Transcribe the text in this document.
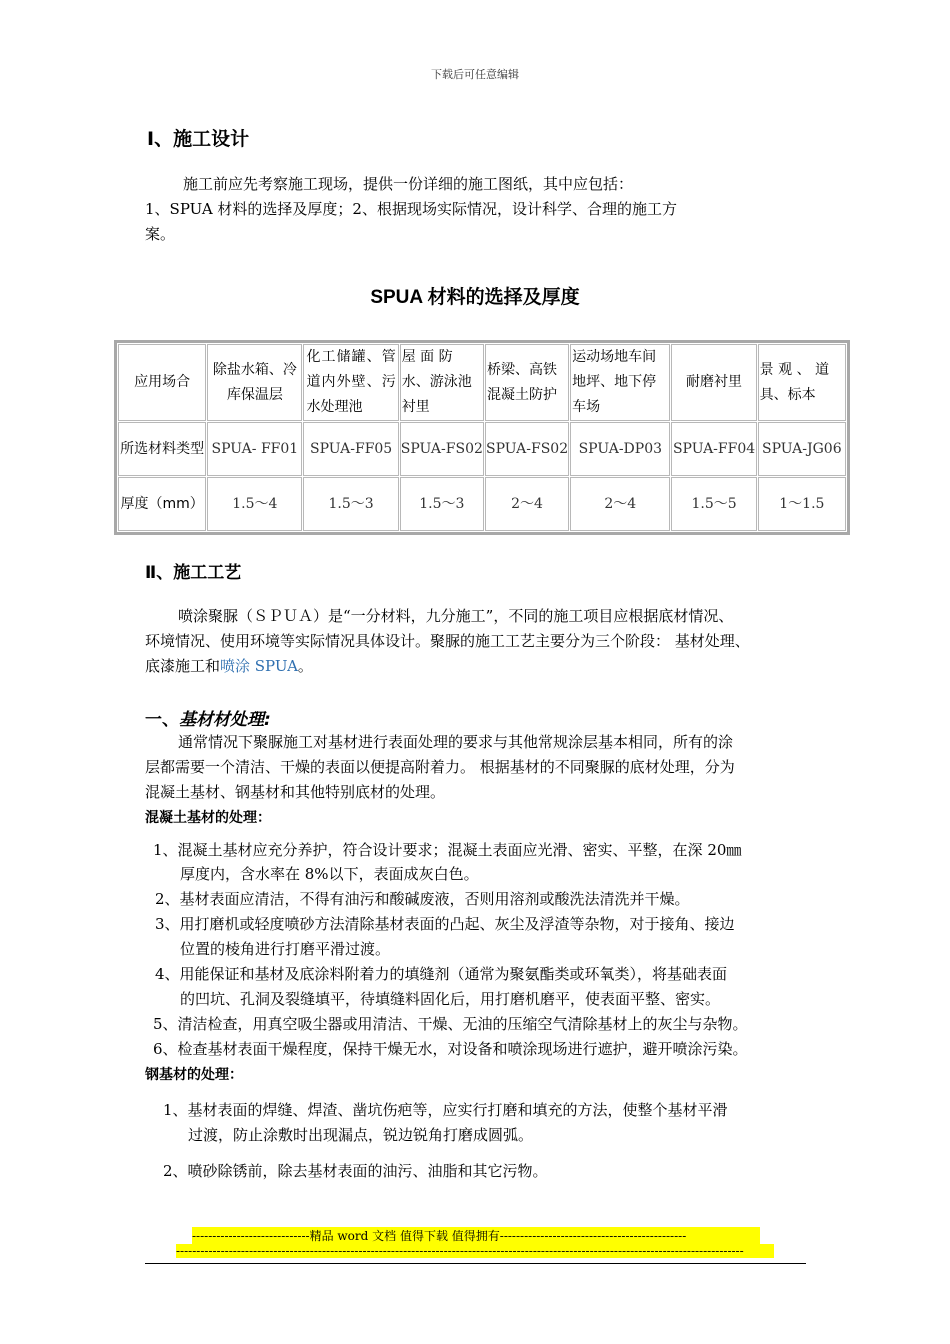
下载后可任意编辑
Ⅰ、施工设计
施工前应先考察施工现场，提供一份详细的施工图纸，其中应包括：
1、SPUA 材料的选择及厚度；2、根据现场实际情况，设计科学、合理的施工方
案。
SPUA 材料的选择及厚度
应用场合	除盐水箱、冷库保温层	化工储罐、管道内外壁、污水处理池	屋 面 防 水、游泳池衬里	桥梁、高铁混凝土防护	运动场地车间地坪、地下停车场	耐磨衬里	景 观 、 道具、标本
所选材料类型	SPUA- FF01	SPUA-FF05	SPUA-FS02	SPUA-FS02	SPUA-DP03	SPUA-FF04	SPUA-JG06
厚度（mm）	1.5～4	1.5～3	1.5～3	2～4	2～4	1.5～5	1～1.5
Ⅱ、施工工艺
喷涂聚脲（ＳＰＵＡ）是“一分材料，九分施工”，不同的施工项目应根据底材情况、
环境情况、使用环境等实际情况具体设计。聚脲的施工工艺主要分为三个阶段： 基材处理、
底漆施工和喷涂 SPUA。
一、基材材处理:
通常情况下聚脲施工对基材进行表面处理的要求与其他常规涂层基本相同，所有的涂
层都需要一个清洁、干燥的表面以便提高附着力。 根据基材的不同聚脲的底材处理，分为
混凝土基材、钢基材和其他特别底材的处理。
混凝土基材的处理：
1、混凝土基材应充分养护，符合设计要求；混凝土表面应光滑、密实、平整，在深 20㎜
厚度内，含水率在 8%以下，表面成灰白色。
2、基材表面应清洁，不得有油污和酸碱废液，否则用溶剂或酸洗法清洗并干燥。
3、用打磨机或轻度喷砂方法清除基材表面的凸起、灰尘及浮渣等杂物，对于接角、接边
位置的棱角进行打磨平滑过渡。
4、用能保证和基材及底涂料附着力的填缝剂（通常为聚氨酯类或环氧类），将基础表面
的凹坑、孔洞及裂缝填平，待填缝料固化后，用打磨机磨平，使表面平整、密实。
5、清洁检查，用真空吸尘器或用清洁、干燥、无油的压缩空气清除基材上的灰尘与杂物。
6、检查基材表面干燥程度，保持干燥无水，对设备和喷涂现场进行遮护，避开喷涂污染。
钢基材的处理：
1、基材表面的焊缝、焊渣、凿坑伤疤等，应实行打磨和填充的方法，使整个基材平滑
过渡，防止涂敷时出现漏点，锐边锐角打磨成圆弧。
2、喷砂除锈前，除去基材表面的油污、油脂和其它污物。
-----------------------------精品 word 文档 值得下载 值得拥有----------------------------------------------
--------------------------------------------------------------------------------------------------------------------------------------------
